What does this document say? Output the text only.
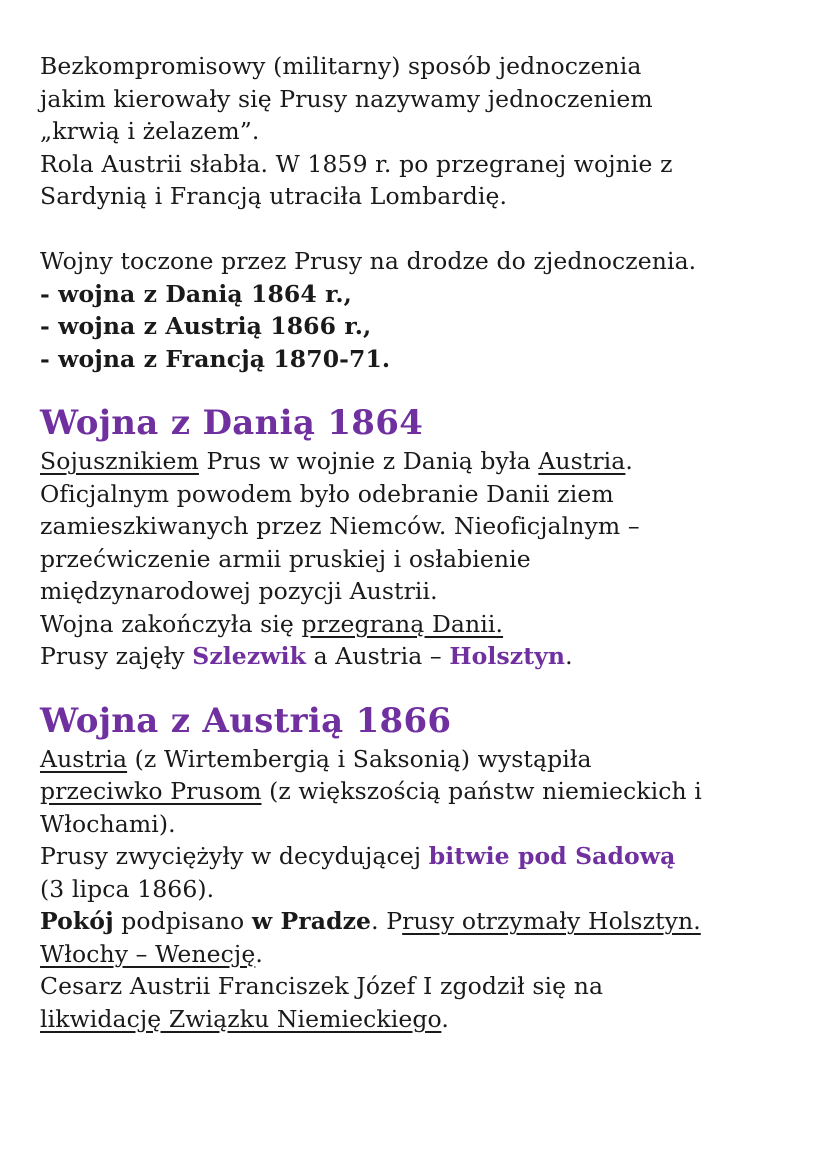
Bezkompromisowy (militarny) sposób jednoczenia
jakim kierowały się Prusy nazywamy jednoczeniem
„krwią i żelazem”.
Rola Austrii słabła. W 1859 r. po przegranej wojnie z
Sardynią i Francją utraciła Lombardię.
Wojny toczone przez Prusy na drodze do zjednoczenia.
- wojna z Danią 1864 r.,
- wojna z Austrią 1866 r.,
- wojna z Francją 1870-71.
Wojna z Danią 1864
Sojusznikiem Prus w wojnie z Danią była Austria.
Oficjalnym powodem było odebranie Danii ziem
zamieszkiwanych przez Niemców. Nieoficjalnym –
przećwiczenie armii pruskiej i osłabienie
międzynarodowej pozycji Austrii.
Wojna zakończyła się przegraną Danii.
Prusy zajęły Szlezwik a Austria – Holsztyn.
Wojna z Austrią 1866
Austria (z Wirtembergią i Saksonią) wystąpiła
przeciwko Prusom (z większością państw niemieckich i
Włochami).
Prusy zwyciężyły w decydującej bitwie pod Sadową
(3 lipca 1866).
Pokój podpisano w Pradze. Prusy otrzymały Holsztyn.
Włochy – Wenecję.
Cesarz Austrii Franciszek Józef I zgodził się na
likwidację Związku Niemieckiego.
